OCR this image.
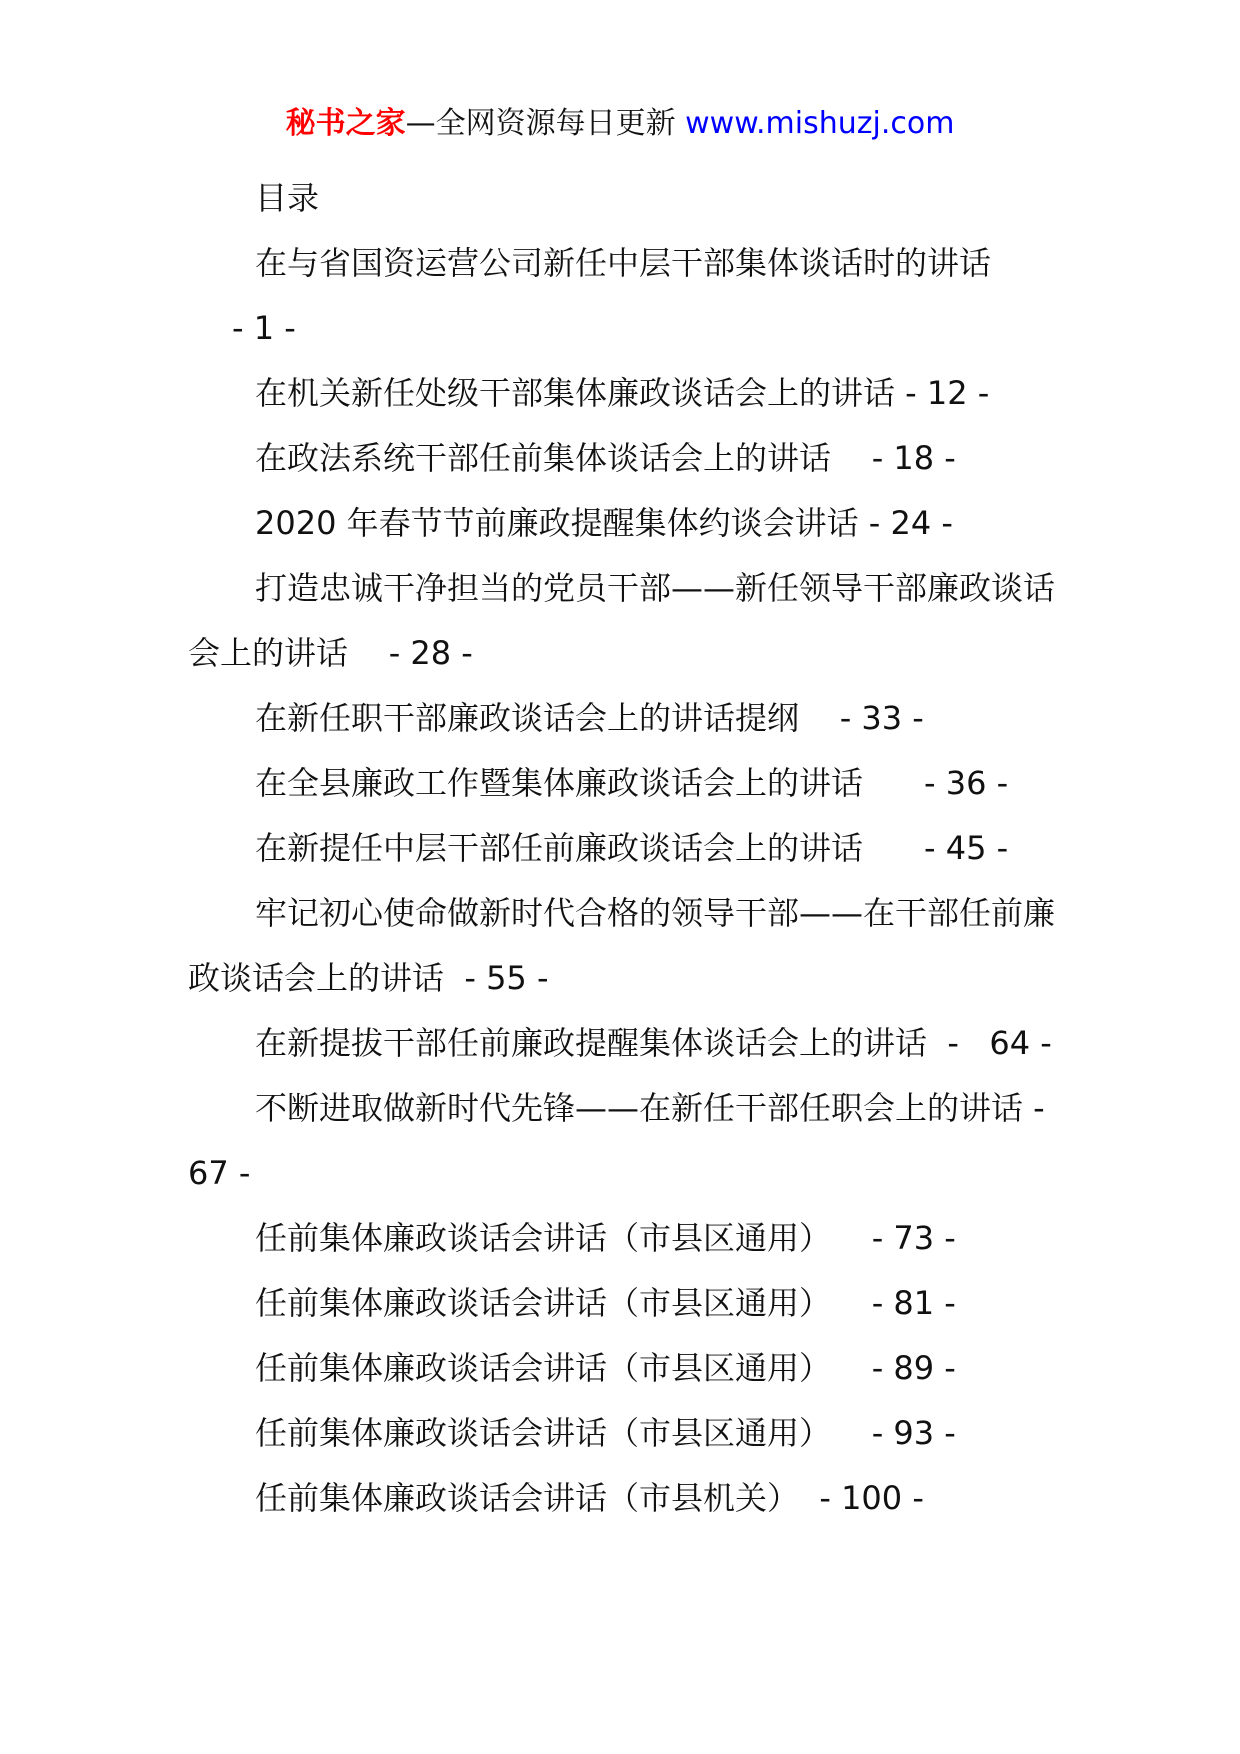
秘书之家—全网资源每日更新 www.mishuzj.com

目录

在与省国资运营公司新任中层干部集体谈话时的讲话

- 1 -

在机关新任处级干部集体廉政谈话会上的讲话 - 12 -

在政法系统干部任前集体谈话会上的讲话    - 18 -

2020 年春节节前廉政提醒集体约谈会讲话 - 24 -

打造忠诚干净担当的党员干部——新任领导干部廉政谈话会上的讲话    - 28 -

在新任职干部廉政谈话会上的讲话提纲    - 33 -

在全县廉政工作暨集体廉政谈话会上的讲话      - 36 -

在新提任中层干部任前廉政谈话会上的讲话      - 45 -

牢记初心使命做新时代合格的领导干部——在干部任前廉政谈话会上的讲话  - 55 -

在新提拔干部任前廉政提醒集体谈话会上的讲话  -   64 -

不断进取做新时代先锋——在新任干部任职会上的讲话 - 67 -

任前集体廉政谈话会讲话（市县区通用）    - 73 -

任前集体廉政谈话会讲话（市县区通用）    - 81 -

任前集体廉政谈话会讲话（市县区通用）    - 89 -

任前集体廉政谈话会讲话（市县区通用）    - 93 -

任前集体廉政谈话会讲话（市县机关）  - 100 -
